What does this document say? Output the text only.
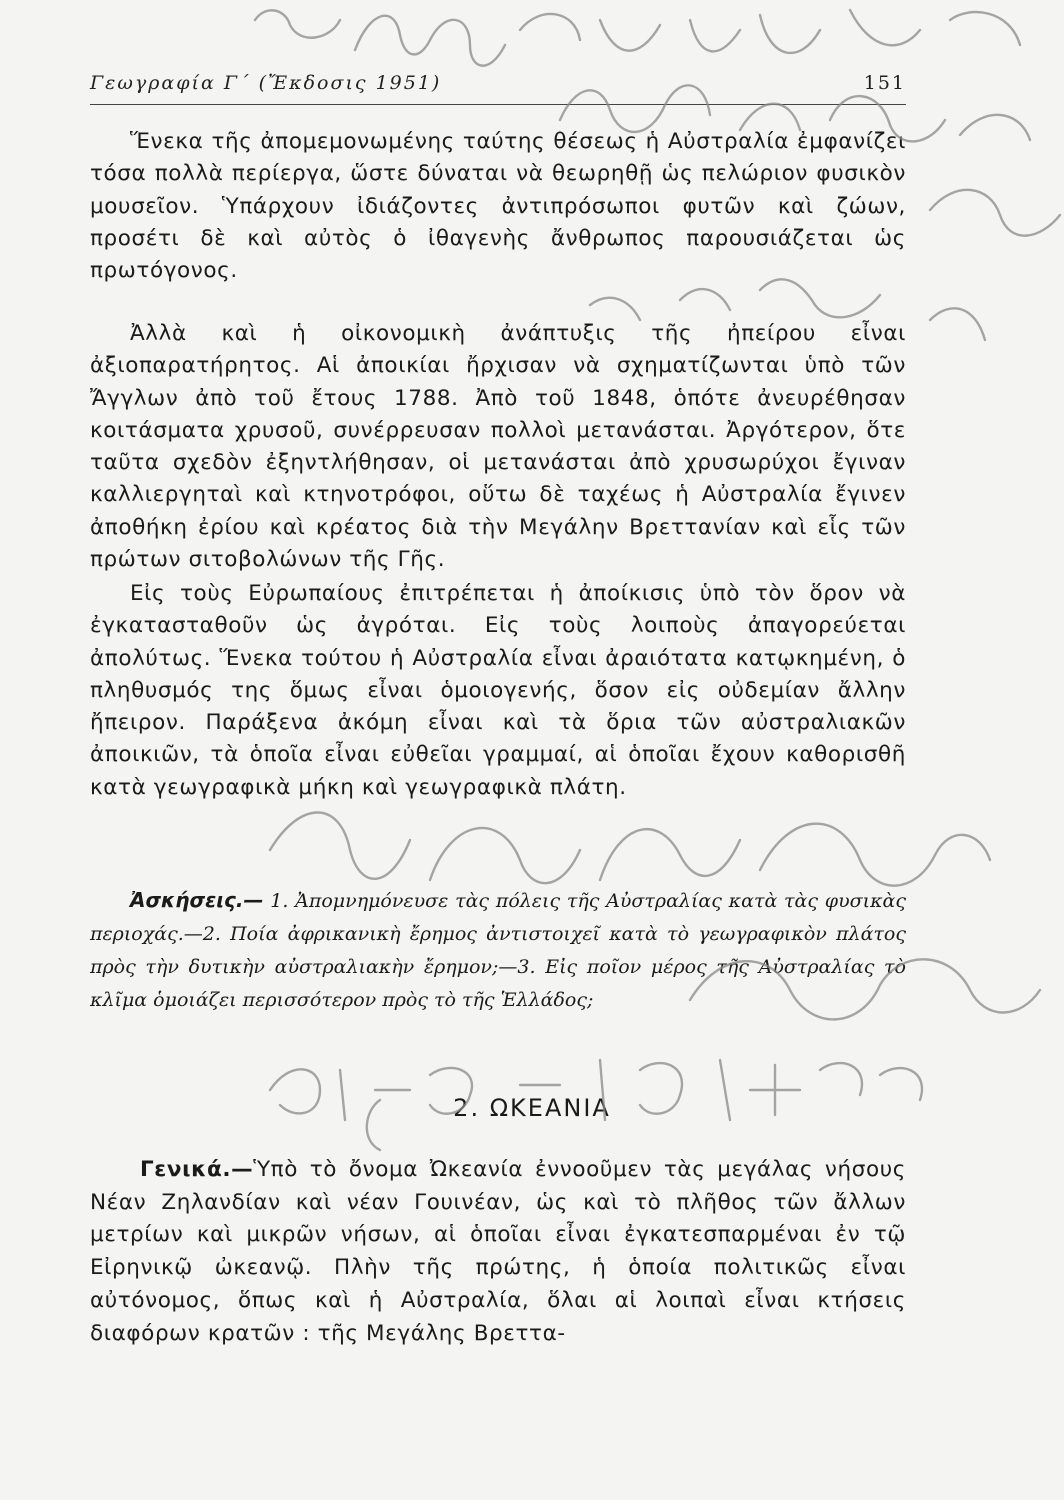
Γεωγραφία Γ΄ (Ἔκδοσις 1951)	151

Ἕνεκα τῆς ἀπομεμονωμένης ταύτης θέσεως ἡ Αὐστραλία ἐμφανίζει τόσα πολλὰ περίεργα, ὥστε δύναται νὰ θεωρηθῇ ὡς πελώριον φυσικὸν μουσεῖον. Ὑπάρχουν ἰδιάζοντες ἀντιπρόσωποι φυτῶν καὶ ζώων, προσέτι δὲ καὶ αὐτὸς ὁ ἰθαγενὴς ἄνθρωπος παρουσιάζεται ὡς πρωτόγονος.

Ἀλλὰ καὶ ἡ οἰκονομικὴ ἀνάπτυξις τῆς ἠπείρου εἶναι ἀξιοπαρατήρητος. Αἱ ἀποικίαι ἤρχισαν νὰ σχηματίζωνται ὑπὸ τῶν Ἄγγλων ἀπὸ τοῦ ἔτους 1788. Ἀπὸ τοῦ 1848, ὁπότε ἀνευρέθησαν κοιτάσματα χρυσοῦ, συνέρρευσαν πολλοὶ μετανάσται. Ἀργότερον, ὅτε ταῦτα σχεδὸν ἐξηντλήθησαν, οἱ μετανάσται ἀπὸ χρυσωρύχοι ἔγιναν καλλιεργηταὶ καὶ κτηνοτρόφοι, οὕτω δὲ ταχέως ἡ Αὐστραλία ἔγινεν ἀποθήκη ἐρίου καὶ κρέατος διὰ τὴν Μεγάλην Βρεττανίαν καὶ εἷς τῶν πρώτων σιτοβολώνων τῆς Γῆς.

Εἰς τοὺς Εὐρωπαίους ἐπιτρέπεται ἡ ἀποίκισις ὑπὸ τὸν ὅρον νὰ ἐγκατασταθοῦν ὡς ἀγρόται. Εἰς τοὺς λοιποὺς ἀπαγορεύεται ἀπολύτως. Ἕνεκα τούτου ἡ Αὐστραλία εἶναι ἀραιότατα κατῳκημένη, ὁ πληθυσμός της ὅμως εἶναι ὁμοιογενής, ὅσον εἰς οὐδεμίαν ἄλλην ἤπειρον. Παράξενα ἀκόμη εἶναι καὶ τὰ ὅρια τῶν αὐστραλιακῶν ἀποικιῶν, τὰ ὁποῖα εἶναι εὐθεῖαι γραμμαί, αἱ ὁποῖαι ἔχουν καθορισθῆ κατὰ γεωγραφικὰ μήκη καὶ γεωγραφικὰ πλάτη.

Ἀσκήσεις.— 1. Ἀπομνημόνευσε τὰς πόλεις τῆς Αὐστραλίας κατὰ τὰς φυσικὰς περιοχάς.—2. Ποία ἀφρικανικὴ ἔρημος ἀντιστοιχεῖ κατὰ τὸ γεωγραφικὸν πλάτος πρὸς τὴν δυτικὴν αὐστραλιακὴν ἔρημον;—3. Εἰς ποῖον μέρος τῆς Αὐστραλίας τὸ κλῖμα ὁμοιάζει περισσότερον πρὸς τὸ τῆς Ἑλλάδος;

2. ΩΚΕΑΝΙΑ

Γενικά.—Ὑπὸ τὸ ὄνομα Ὠκεανία ἐννοοῦμεν τὰς μεγάλας νήσους Νέαν Ζηλανδίαν καὶ νέαν Γουινέαν, ὡς καὶ τὸ πλῆθος τῶν ἄλλων μετρίων καὶ μικρῶν νήσων, αἱ ὁποῖαι εἶναι ἐγκατεσπαρμέναι ἐν τῷ Εἰρηνικῷ ὠκεανῷ. Πλὴν τῆς πρώτης, ἡ ὁποία πολιτικῶς εἶναι αὐτόνομος, ὅπως καὶ ἡ Αὐστραλία, ὅλαι αἱ λοιπαὶ εἶναι κτήσεις διαφόρων κρατῶν : τῆς Μεγάλης Βρεττα-
